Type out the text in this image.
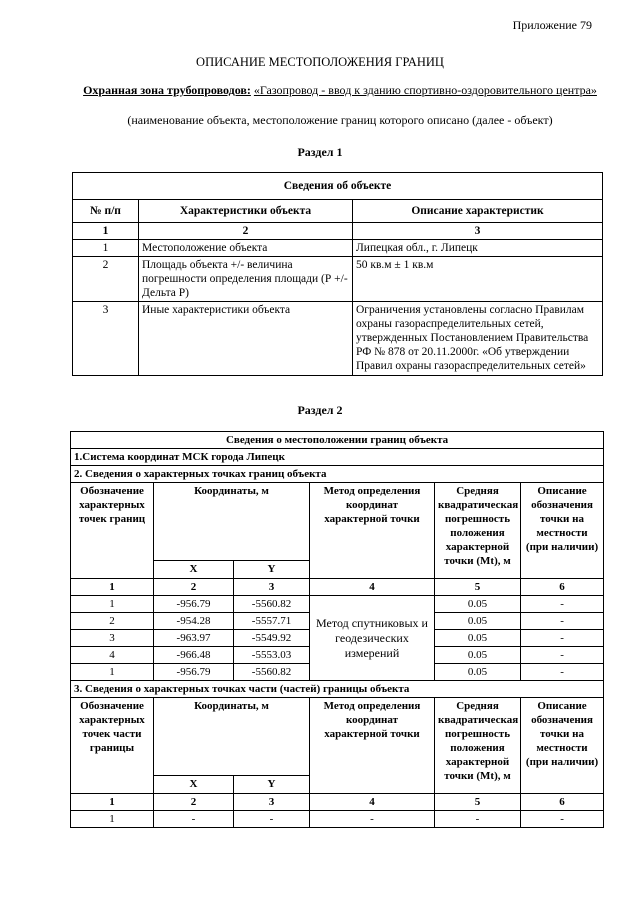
Приложение 79
ОПИСАНИЕ МЕСТОПОЛОЖЕНИЯ ГРАНИЦ
Охранная зона трубопроводов: «Газопровод - ввод к зданию спортивно-оздоровительного центра»
(наименование объекта, местоположение границ которого описано (далее - объект)
Раздел 1
Сведения об объекте		
№ п/п	Характеристики объекта	Описание характеристик
1	2	3
1	Местоположение объекта	Липецкая обл., г. Липецк
2	Площадь объекта +/- величина погрешности определения площади (Р +/- Дельта Р)	50 кв.м ± 1 кв.м
3	Иные характеристики объекта	Ограничения установлены согласно Правилам охраны газораспределительных сетей, утвержденных Постановлением Правительства РФ № 878 от 20.11.2000г. «Об утверждении Правил охраны газораспределительных сетей»
Раздел 2
Сведения о местоположении границ объекта					
1.Система координат МСК города Липецк					
2. Сведения о характерных точках границ объекта					
Обозначение характерных точек границ	Координаты, м		Метод определения координат характерной точки	Средняя квадратическая погрешность положения характерной точки (Mt), м	Описание обозначения точки на местности (при наличии)
	X	Y			
1	2	3	4	5	6
1	-956.79	-5560.82	Метод спутниковых и геодезических измерений	0.05	-
2	-954.28	-5557.71		0.05	-
3	-963.97	-5549.92		0.05	-
4	-966.48	-5553.03		0.05	-
1	-956.79	-5560.82		0.05	-
3. Сведения о характерных точках части (частей) границы объекта					
Обозначение характерных точек части границы	Координаты, м		Метод определения координат характерной точки	Средняя квадратическая погрешность положения характерной точки (Mt), м	Описание обозначения точки на местности (при наличии)
	X	Y			
1	2	3	4	5	6
1	-	-	-	-	-
